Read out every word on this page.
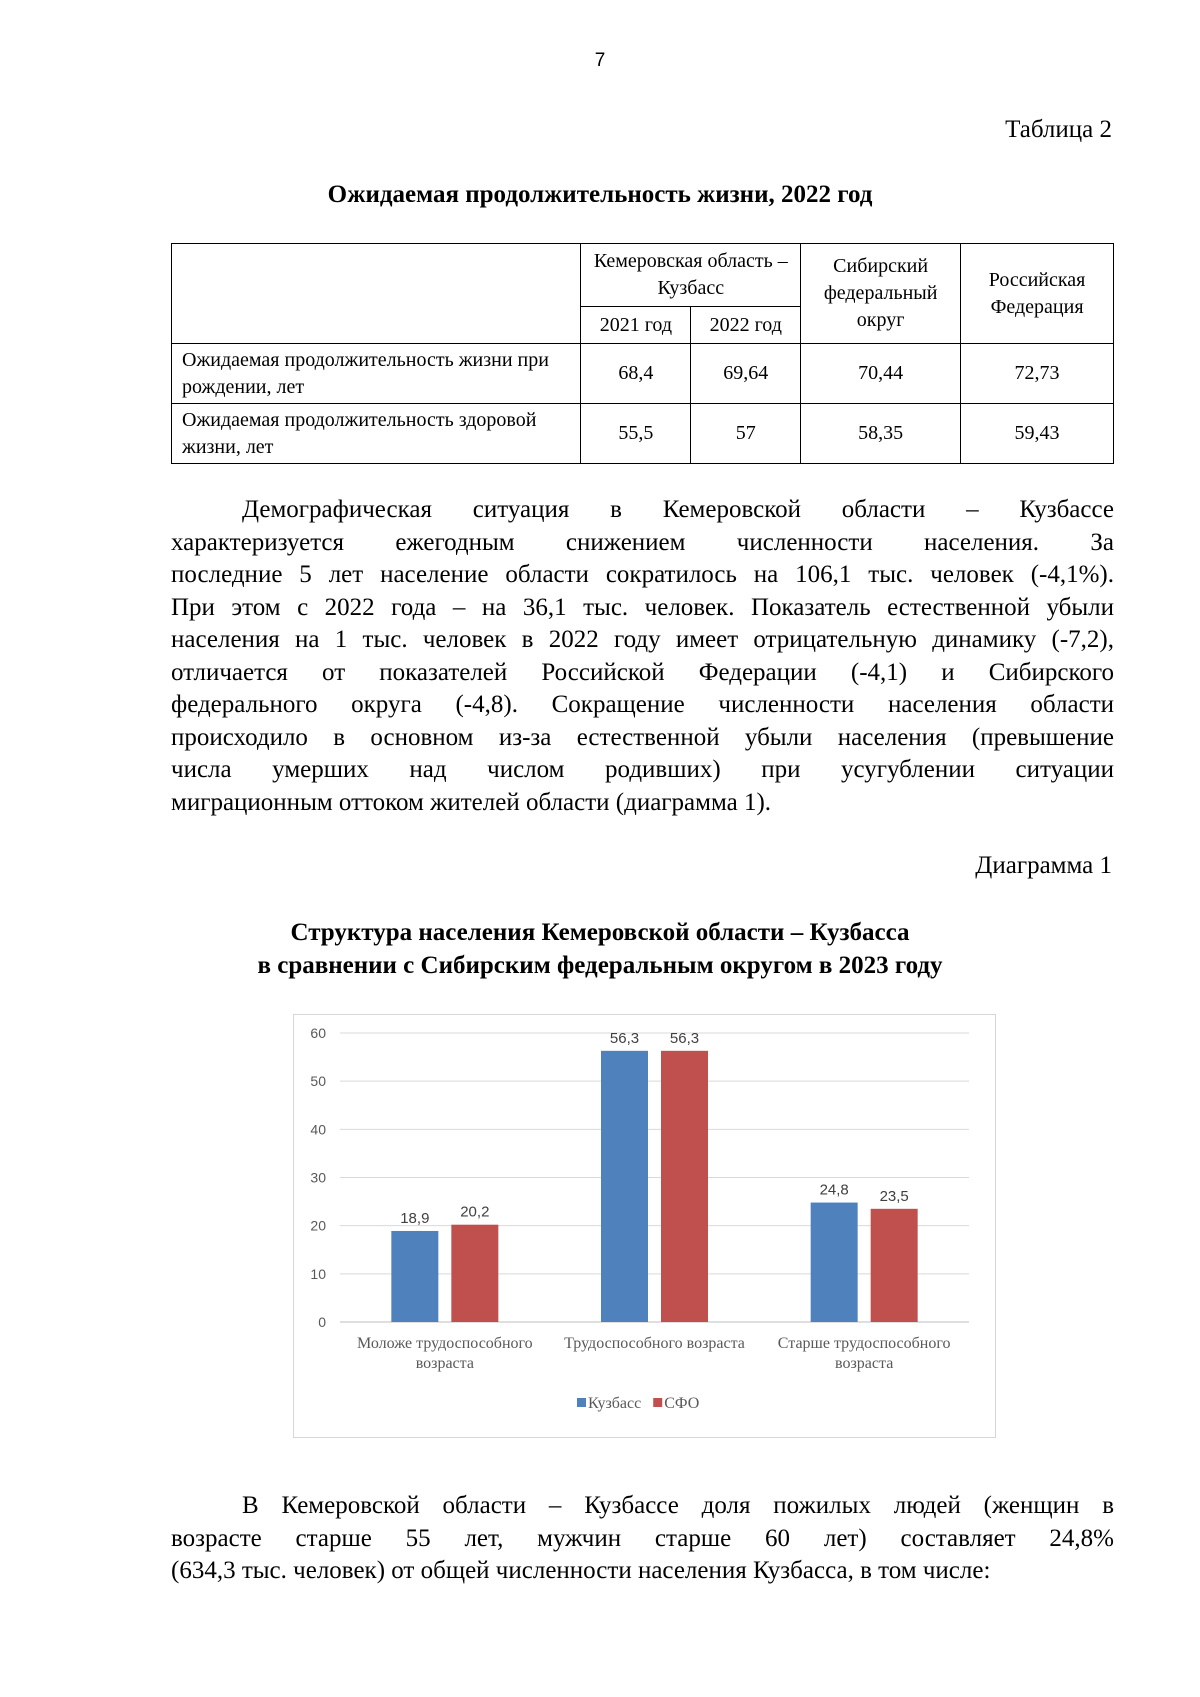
7
Таблица 2
Ожидаемая продолжительность жизни, 2022 год
	Кемеровская область – Кузбасс		Сибирский федеральный округ	Российская Федерация
	2021 год	2022 год		
Ожидаемая продолжительность жизни при рождении, лет	68,4	69,64	70,44	72,73
Ожидаемая продолжительность здоровой жизни, лет	55,5	57	58,35	59,43
Демографическая ситуация в Кемеровской области – Кузбассе
характеризуется ежегодным снижением численности населения. За
последние 5 лет население области сократилось на 106,1 тыс. человек (-4,1%).
При этом с 2022 года – на 36,1 тыс. человек. Показатель естественной убыли
населения на 1 тыс. человек в 2022 году имеет отрицательную динамику (-7,2),
отличается от показателей Российской Федерации (-4,1) и Сибирского
федерального округа (-4,8). Сокращение численности населения области
происходило в основном из-за естественной убыли населения (превышение
числа умерших над числом родивших) при усугублении ситуации
миграционным оттоком жителей области (диаграмма 1).
Диаграмма 1
Структура населения Кемеровской области – Кузбасса
в сравнении с Сибирским федеральным округом в 2023 году
0
10
20
30
40
50
60
18,9 20,2
Моложе трудоспособного
возраста
56,3 56,3
Трудоспособного возраста
24,8 23,5
Старше трудоспособного
возраста
Кузбасс СФО
В Кемеровской области – Кузбассе доля пожилых людей (женщин в
возрасте старше 55 лет, мужчин старше 60 лет) составляет 24,8%
(634,3 тыс. человек) от общей численности населения Кузбасса, в том числе:
